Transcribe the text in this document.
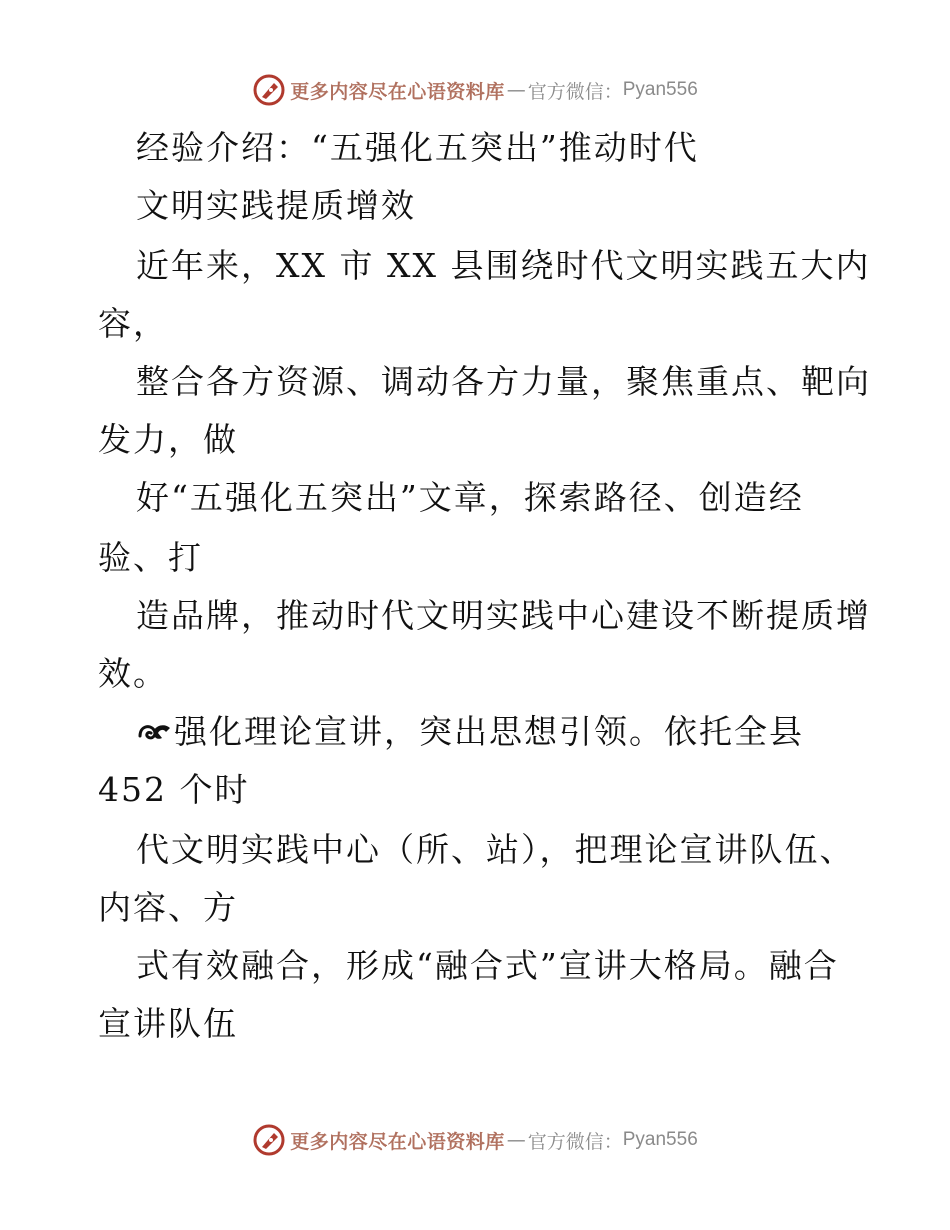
更多内容尽在心语资料库 — 官方微信： Pyan556
经验介绍：“五强化五突出”推动时代
文明实践提质增效
近年来，XX 市 XX 县围绕时代文明实践五大内
容，
整合各方资源、调动各方力量，聚焦重点、靶向
发力，做
好“五强化五突出”文章，探索路径、创造经
验、打
造品牌，推动时代文明实践中心建设不断提质增
效。
强化理论宣讲，突出思想引领。依托全县
452 个时
代文明实践中心（所、站），把理论宣讲队伍、
内容、方
式有效融合，形成“融合式”宣讲大格局。融合
宣讲队伍
更多内容尽在心语资料库 — 官方微信： Pyan556
